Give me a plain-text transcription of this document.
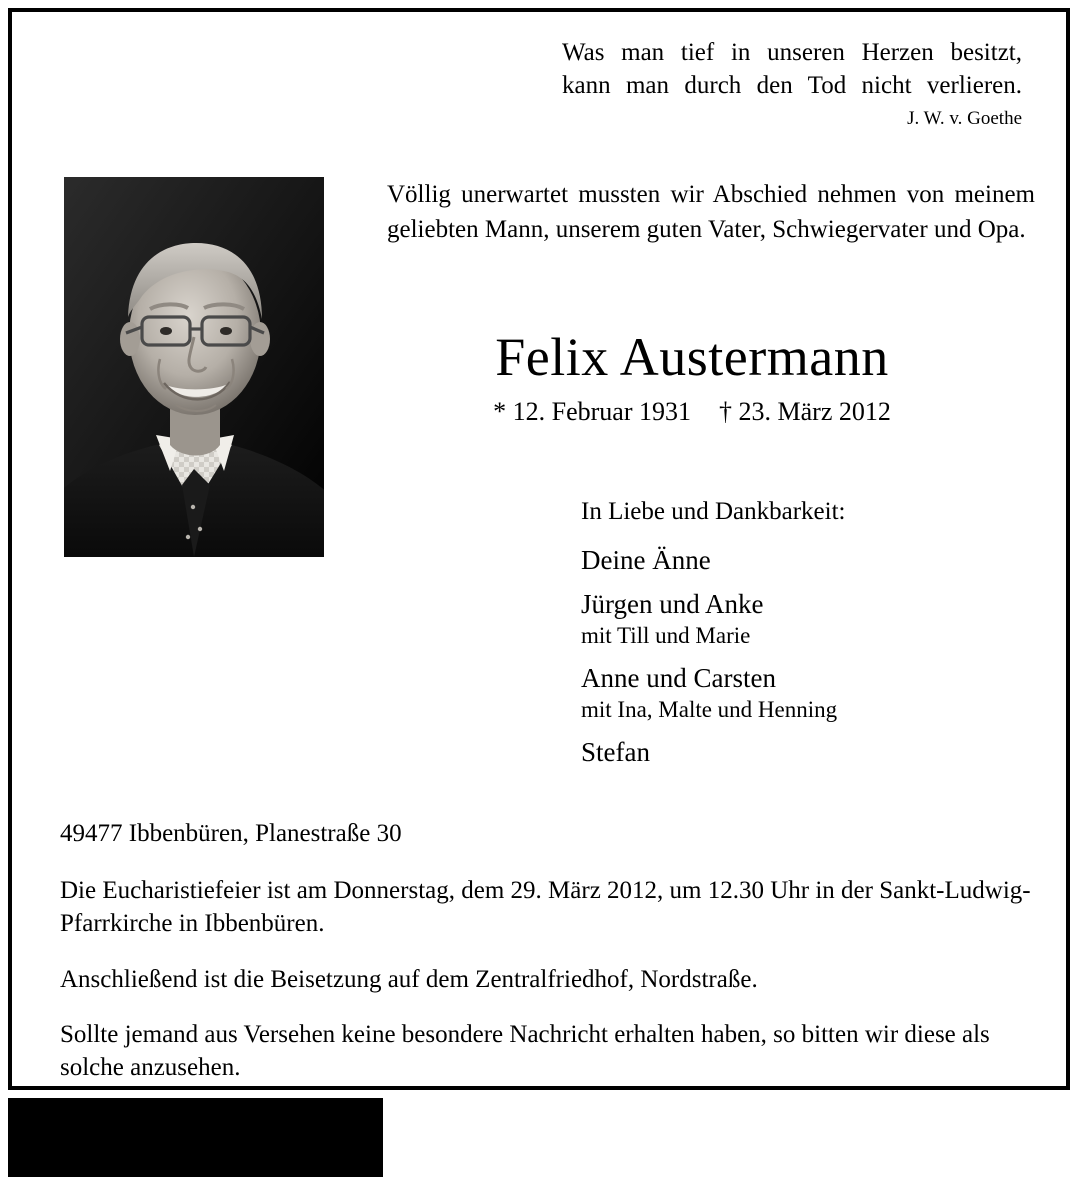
Was man tief in unseren Herzen besitzt,
kann man durch den Tod nicht verlieren.
J. W. v. Goethe
Völlig unerwartet mussten wir Abschied nehmen von meinem geliebten Mann, unserem guten Vater, Schwiegervater und Opa.
Felix Austermann
* 12. Februar 1931 † 23. März 2012
In Liebe und Dankbarkeit:
Deine Änne
Jürgen und Anke
mit Till und Marie
Anne und Carsten
mit Ina, Malte und Henning
Stefan
49477 Ibbenbüren, Planestraße 30

Die Eucharistiefeier ist am Donnerstag, dem 29. März 2012, um 12.30 Uhr in der Sankt-Ludwig-Pfarrkirche in Ibbenbüren.

Anschließend ist die Beisetzung auf dem Zentralfriedhof, Nordstraße.

Sollte jemand aus Versehen keine besondere Nachricht erhalten haben, so bitten wir diese als solche anzusehen.
